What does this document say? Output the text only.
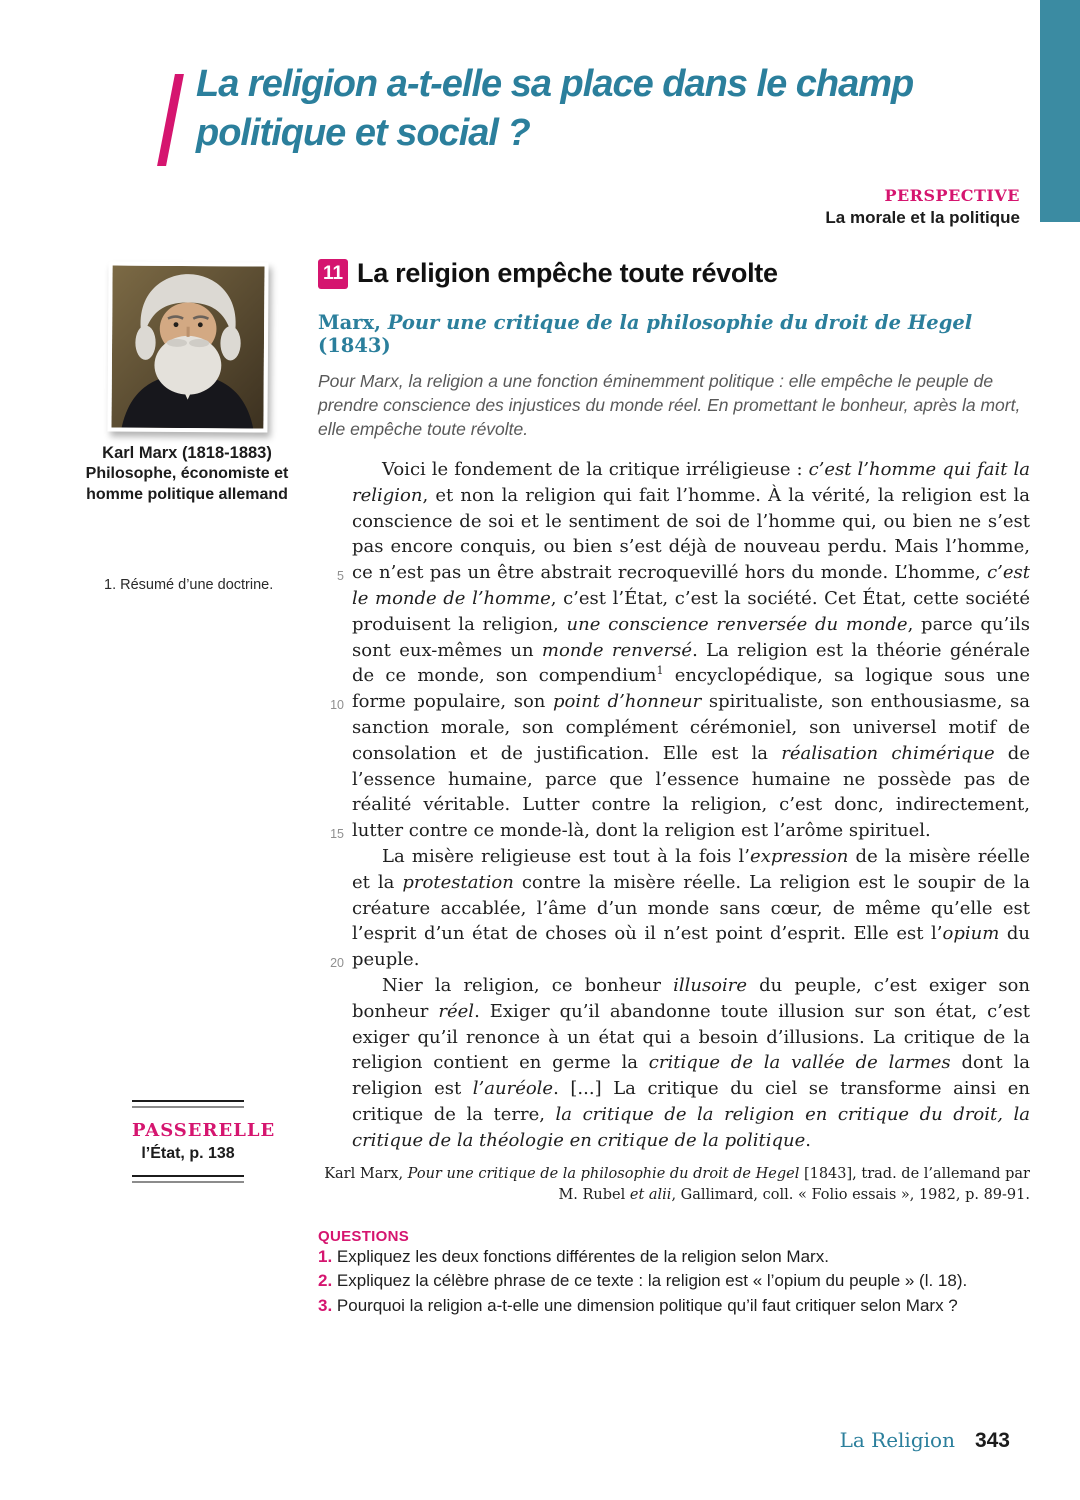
La religion a-t-elle sa place dans le champ
politique et social ?
PERSPECTIVE
La morale et la politique
Karl Marx (1818-1883)
Philosophe, économiste et homme politique allemand
1. Résumé d’une doctrine.
PASSERELLE
l’État, p. 138
11 La religion empêche toute révolte
Marx, Pour une critique de la philosophie du droit de Hegel (1843)
Pour Marx, la religion a une fonction éminemment politique : elle empêche le peuple de prendre conscience des injustices du monde réel. En promettant le bonheur, après la mort, elle empêche toute révolte.

Voici le fondement de la critique irréligieuse : c’est l’homme qui fait la religion, et non la religion qui fait l’homme. À la vérité, la religion est la conscience de soi et le sentiment de soi de l’homme qui, ou bien ne s’est pas encore conquis, ou bien s’est déjà de nouveau perdu. Mais l’homme, ce n’est pas un être abstrait recroquevillé hors du monde. L’homme, c’est le monde de l’homme, c’est l’État, c’est la société. Cet État, cette société produisent la religion, une conscience renversée du monde, parce qu’ils sont eux-mêmes un monde renversé. La religion est la théorie générale de ce monde, son compendium$^1$ encyclopédique, sa logique sous une forme populaire, son point d’honneur spiritualiste, son enthousiasme, sa sanction morale, son complément cérémoniel, son universel motif de consolation et de justification. Elle est la réalisation chimérique de l’essence humaine, parce que l’essence humaine ne possède pas de réalité véritable. Lutter contre la religion, c’est donc, indirectement, lutter contre ce monde-là, dont la religion est l’arôme spirituel.

La misère religieuse est tout à la fois l’expression de la misère réelle et la protestation contre la misère réelle. La religion est le soupir de la créature accablée, l’âme d’un monde sans cœur, de même qu’elle est l’esprit d’un état de choses où il n’est point d’esprit. Elle est l’opium du peuple.

Nier la religion, ce bonheur illusoire du peuple, c’est exiger son bonheur réel. Exiger qu’il abandonne toute illusion sur son état, c’est exiger qu’il renonce à un état qui a besoin d’illusions. La critique de la religion contient en germe la critique de la vallée de larmes dont la religion est l’auréole. [...] La critique du ciel se transforme ainsi en critique de la terre, la critique de la religion en critique du droit, la critique de la théologie en critique de la politique.

5
10
15
20
Karl Marx, Pour une critique de la philosophie du droit de Hegel [1843], trad. de l’allemand par M. Rubel et alii, Gallimard, coll. « Folio essais », 1982, p. 89-91.
QUESTIONS
1. Expliquez les deux fonctions différentes de la religion selon Marx.
2. Expliquez la célèbre phrase de ce texte : la religion est « l’opium du peuple » (l. 18).
3. Pourquoi la religion a-t-elle une dimension politique qu’il faut critiquer selon Marx ?
La Religion 343
